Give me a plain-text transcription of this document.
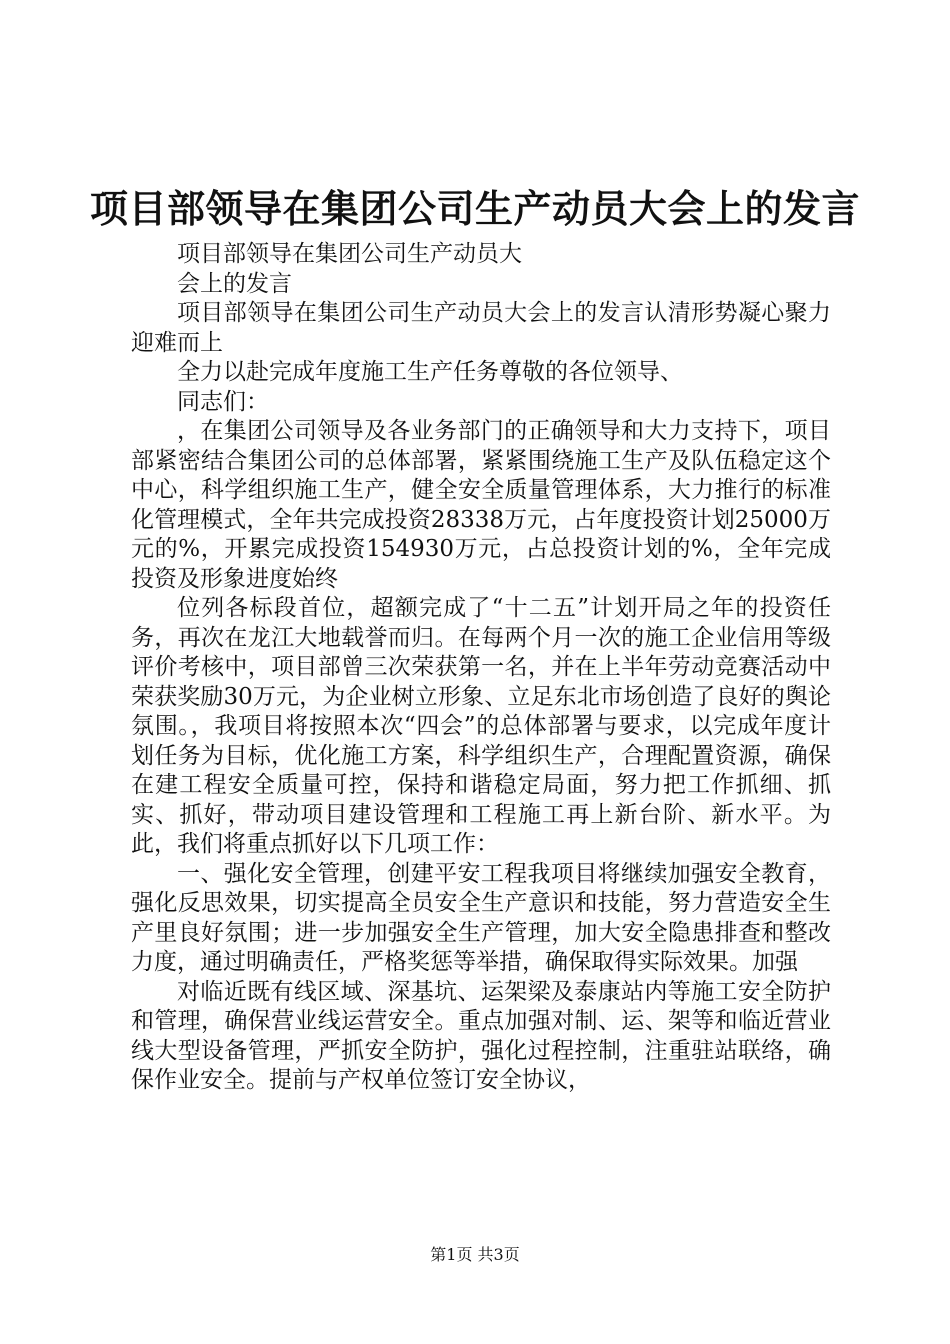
项目部领导在集团公司生产动员大会上的发言

项目部领导在集团公司生产动员大

会上的发言

项目部领导在集团公司生产动员大会上的发言认清形势凝心聚力迎难而上

全力以赴完成年度施工生产任务尊敬的各位领导、

同志们：

，在集团公司领导及各业务部门的正确领导和大力支持下，项目部紧密结合集团公司的总体部署，紧紧围绕施工生产及队伍稳定这个中心，科学组织施工生产，健全安全质量管理体系，大力推行的标准化管理模式，全年共完成投资28338万元，占年度投资计划25000万元的%，开累完成投资154930万元，占总投资计划的%，全年完成投资及形象进度始终

位列各标段首位，超额完成了“十二五”计划开局之年的投资任务，再次在龙江大地载誉而归。在每两个月一次的施工企业信用等级评价考核中，项目部曾三次荣获第一名，并在上半年劳动竞赛活动中荣获奖励30万元，为企业树立形象、立足东北市场创造了良好的舆论氛围。，我项目将按照本次“四会”的总体部署与要求，以完成年度计划任务为目标，优化施工方案，科学组织生产，合理配置资源，确保在建工程安全质量可控，保持和谐稳定局面，努力把工作抓细、抓实、抓好，带动项目建设管理和工程施工再上新台阶、新水平。为此，我们将重点抓好以下几项工作：

一、强化安全管理，创建平安工程我项目将继续加强安全教育，强化反思效果，切实提高全员安全生产意识和技能，努力营造安全生产里良好氛围；进一步加强安全生产管理，加大安全隐患排查和整改力度，通过明确责任，严格奖惩等举措，确保取得实际效果。加强

对临近既有线区域、深基坑、运架梁及泰康站内等施工安全防护和管理，确保营业线运营安全。重点加强对制、运、架等和临近营业线大型设备管理，严抓安全防护，强化过程控制，注重驻站联络，确保作业安全。提前与产权单位签订安全协议，

第1页 共3页
